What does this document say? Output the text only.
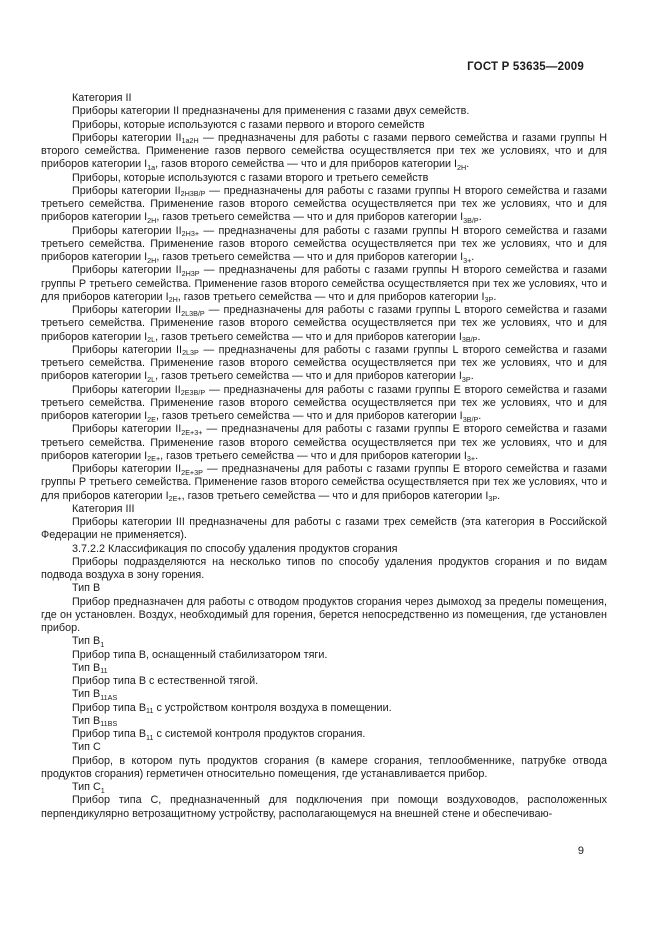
ГОСТ Р 53635—2009

Категория II

Приборы категории II предназначены для применения с газами двух семейств.

Приборы, которые используются с газами первого и второго семейств

Приборы категории $II_{1а2Н}$ — предназначены для работы с газами первого семейства и газами группы Н второго семейства. Применение газов первого семейства осуществляется при тех же условиях, что и для приборов категории $I_{1а}$, газов второго семейства — что и для приборов категории $I_{2Н}$.

Приборы, которые используются с газами второго и третьего семейств

Приборы категории $II_{2Н3В/Р}$ — предназначены для работы с газами группы Н второго семейства и газами третьего семейства. Применение газов второго семейства осуществляется при тех же условиях, что и для приборов категории $I_{2Н}$, газов третьего семейства — что и для приборов категории $I_{3В/Р}$.

Приборы категории $II_{2Н3+}$ — предназначены для работы с газами группы Н второго семейства и газами третьего семейства. Применение газов второго семейства осуществляется при тех же условиях, что и для приборов категории $I_{2Н}$, газов третьего семейства — что и для приборов категории $I_{3+}$.

Приборы категории $II_{2Н3Р}$ — предназначены для работы с газами группы Н второго семейства и газами группы Р третьего семейства. Применение газов второго семейства осуществляется при тех же условиях, что и для приборов категории $I_{2Н}$, газов третьего семейства — что и для приборов категории $I_{3Р}$.

Приборы категории $II_{2L3В/Р}$ — предназначены для работы с газами группы L второго семейства и газами третьего семейства. Применение газов второго семейства осуществляется при тех же условиях, что и для приборов категории $I_{2L}$, газов третьего семейства — что и для приборов категории $I_{3В/Р}$.

Приборы категории $II_{2L3Р}$ — предназначены для работы с газами группы L второго семейства и газами третьего семейства. Применение газов второго семейства осуществляется при тех же условиях, что и для приборов категории $I_{2L}$, газов третьего семейства — что и для приборов категории $I_{3Р}$.

Приборы категории $II_{2Е3В/Р}$ — предназначены для работы с газами группы Е второго семейства и газами третьего семейства. Применение газов второго семейства осуществляется при тех же условиях, что и для приборов категории $I_{2Е}$, газов третьего семейства — что и для приборов категории $I_{3В/Р}$.

Приборы категории $II_{2Е+3+}$ — предназначены для работы с газами группы Е второго семейства и газами третьего семейства. Применение газов второго семейства осуществляется при тех же условиях, что и для приборов категории $I_{2Е+}$, газов третьего семейства — что и для приборов категории $I_{3+}$.

Приборы категории $II_{2Е+3Р}$ — предназначены для работы с газами группы Е второго семейства и газами группы Р третьего семейства. Применение газов второго семейства осуществляется при тех же условиях, что и для приборов категории $I_{2Е+}$, газов третьего семейства — что и для приборов категории $I_{3Р}$.

Категория III

Приборы категории III предназначены для работы с газами трех семейств (эта категория в Российской Федерации не применяется).

3.7.2.2 Классификация по способу удаления продуктов сгорания

Приборы подразделяются на несколько типов по способу удаления продуктов сгорания и по видам подвода воздуха в зону горения.

Тип В

Прибор предназначен для работы с отводом продуктов сгорания через дымоход за пределы помещения, где он установлен. Воздух, необходимый для горения, берется непосредственно из помещения, где установлен прибор.

Тип $В_1$

Прибор типа В, оснащенный стабилизатором тяги.

Тип $В_{11}$

Прибор типа В с естественной тягой.

Тип $В_{11AS}$

Прибор типа $В_{11}$ с устройством контроля воздуха в помещении.

Тип $В_{11BS}$

Прибор типа $В_{11}$ с системой контроля продуктов сгорания.

Тип С

Прибор, в котором путь продуктов сгорания (в камере сгорания, теплообменнике, патрубке отвода продуктов сгорания) герметичен относительно помещения, где устанавливается прибор.

Тип $С_1$

Прибор типа С, предназначенный для подключения при помощи воздуховодов, расположенных перпендикулярно ветрозащитному устройству, располагающемуся на внешней стене и обеспечиваю-

9
